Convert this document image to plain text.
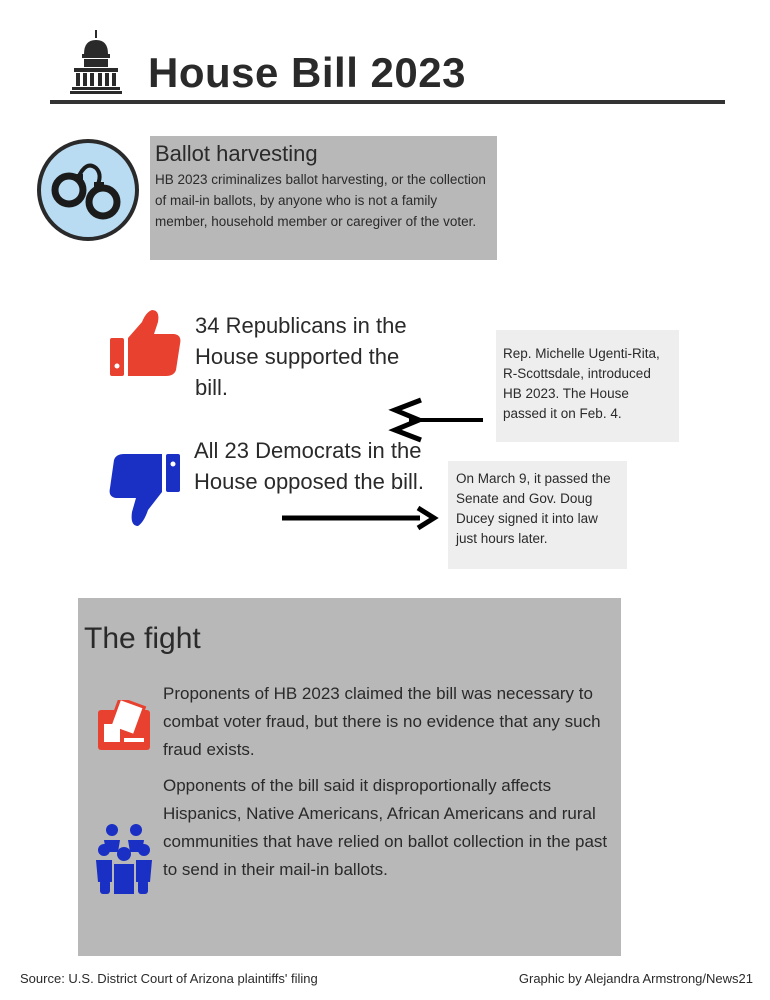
House Bill 2023
Ballot harvesting
HB 2023 criminalizes ballot harvesting, or the collection of mail-in ballots, by anyone who is not a family member, household member or caregiver of the voter.
34 Republicans in the House supported the bill.
All 23 Democrats in the House opposed the bill.
Rep. Michelle Ugenti-Rita, R-Scottsdale, introduced HB 2023. The House passed it on Feb. 4.
On March 9, it passed the Senate and Gov. Doug Ducey signed it into law just hours later.
The fight
Proponents of HB 2023 claimed the bill was necessary to combat voter fraud, but there is no evidence that any such fraud exists.
Opponents of the bill said it disproportionally affects Hispanics, Native Americans, African Americans and rural communities that have relied on ballot collection in the past to send in their mail-in ballots.
Source: U.S. District Court of Arizona plaintiffs' filing	Graphic by Alejandra Armstrong/News21
